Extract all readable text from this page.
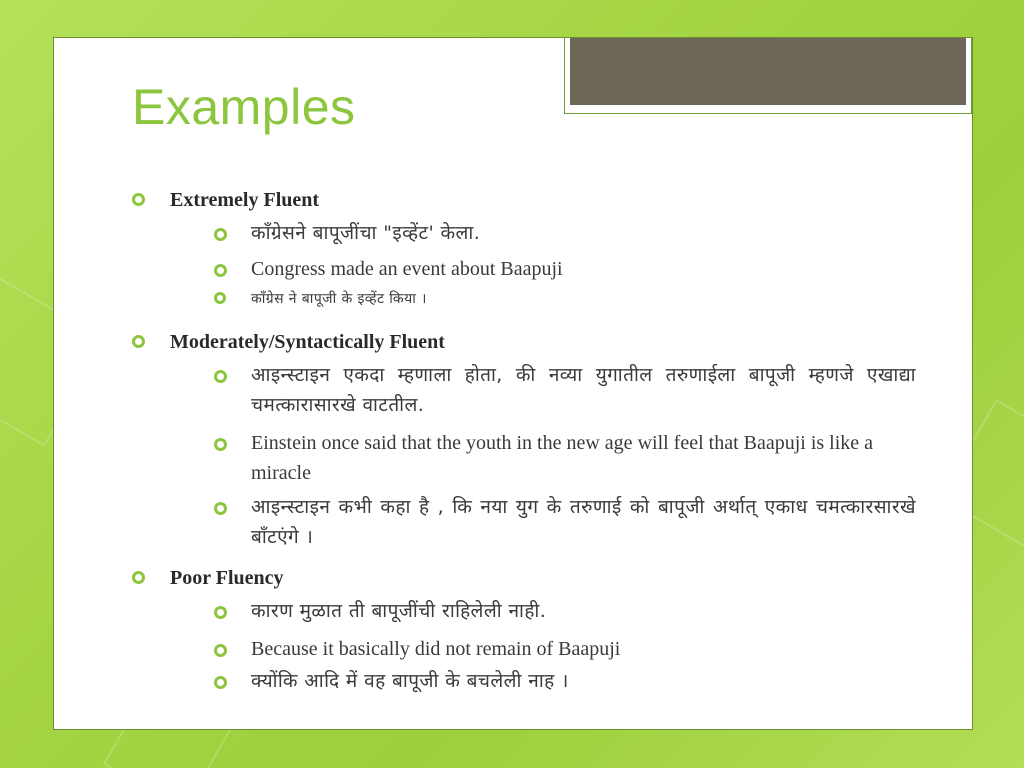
Examples
Extremely Fluent
कॉंग्रेसने बापूजींचा "इव्हेंट' केला.
Congress made an event about Baapuji
कॉंग्रेस ने बापूजी के इव्हेंट किया ।
Moderately/Syntactically Fluent
आइन्स्टाइन एकदा म्हणाला होता, की नव्या युगातील तरुणाईला बापूजी म्हणजे एखाद्या चमत्कारासारखे वाटतील.
Einstein once said that the youth in the new age will feel that Baapuji is like a miracle
आइन्स्टाइन कभी कहा है , कि नया युग के तरुणाई को बापूजी अर्थात् एकाध चमत्कारसारखे बाँटएंगे ।
Poor Fluency
कारण मुळात ती बापूजींची राहिलेली नाही.
Because it basically did not remain of Baapuji
क्योंकि आदि में वह बापूजी के बचलेली नाह ।
